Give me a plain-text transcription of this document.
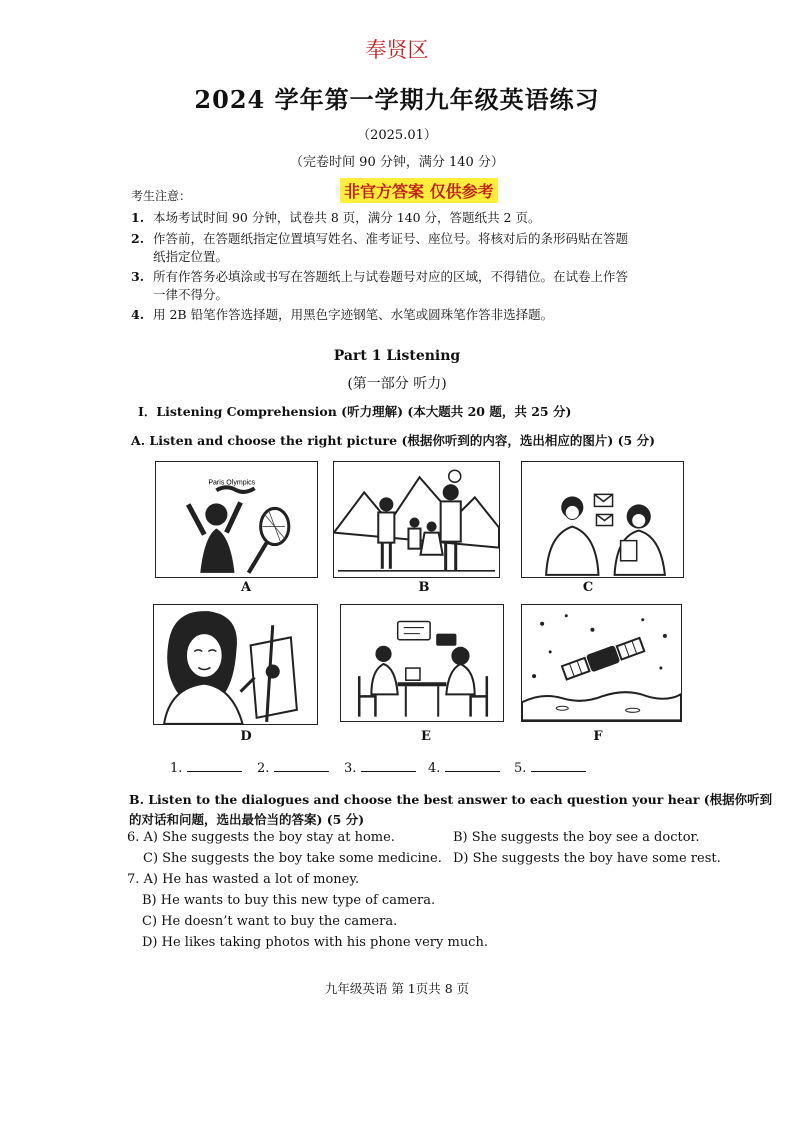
奉贤区
2024 学年第一学期九年级英语练习
（2025.01）
（完卷时间 90 分钟，满分 140 分）
非官方答案 仅供参考
考生注意：
1. 本场考试时间 90 分钟，试卷共 8 页，满分 140 分，答题纸共 2 页。
2. 作答前，在答题纸指定位置填写姓名、准考证号、座位号。将核对后的条形码贴在答题
纸指定位置。
3. 所有作答务必填涂或书写在答题纸上与试卷题号对应的区域，不得错位。在试卷上作答
一律不得分。
4. 用 2B 铅笔作答选择题，用黑色字迹钢笔、水笔或圆珠笔作答非选择题。
Part 1 Listening
(第一部分 听力)
I．Listening Comprehension (听力理解) (本大题共 20 题，共 25 分)
A. Listen and choose the right picture (根据你听到的内容，选出相应的图片) (5 分)
Paris Olympics
A	B	C
D	E	F
1.	2.	3.	4.	5.
B. Listen to the dialogues and choose the best answer to each question your hear (根据你听到
的对话和问题，选出最恰当的答案) (5 分)
6. A) She suggests the boy stay at home.	B) She suggests the boy see a doctor.
C) She suggests the boy take some medicine. D) She suggests the boy have some rest.
7. A) He has wasted a lot of money.
B) He wants to buy this new type of camera.
C) He doesn’t want to buy the camera.
D) He likes taking photos with his phone very much.
九年级英语 第 1页共 8 页
